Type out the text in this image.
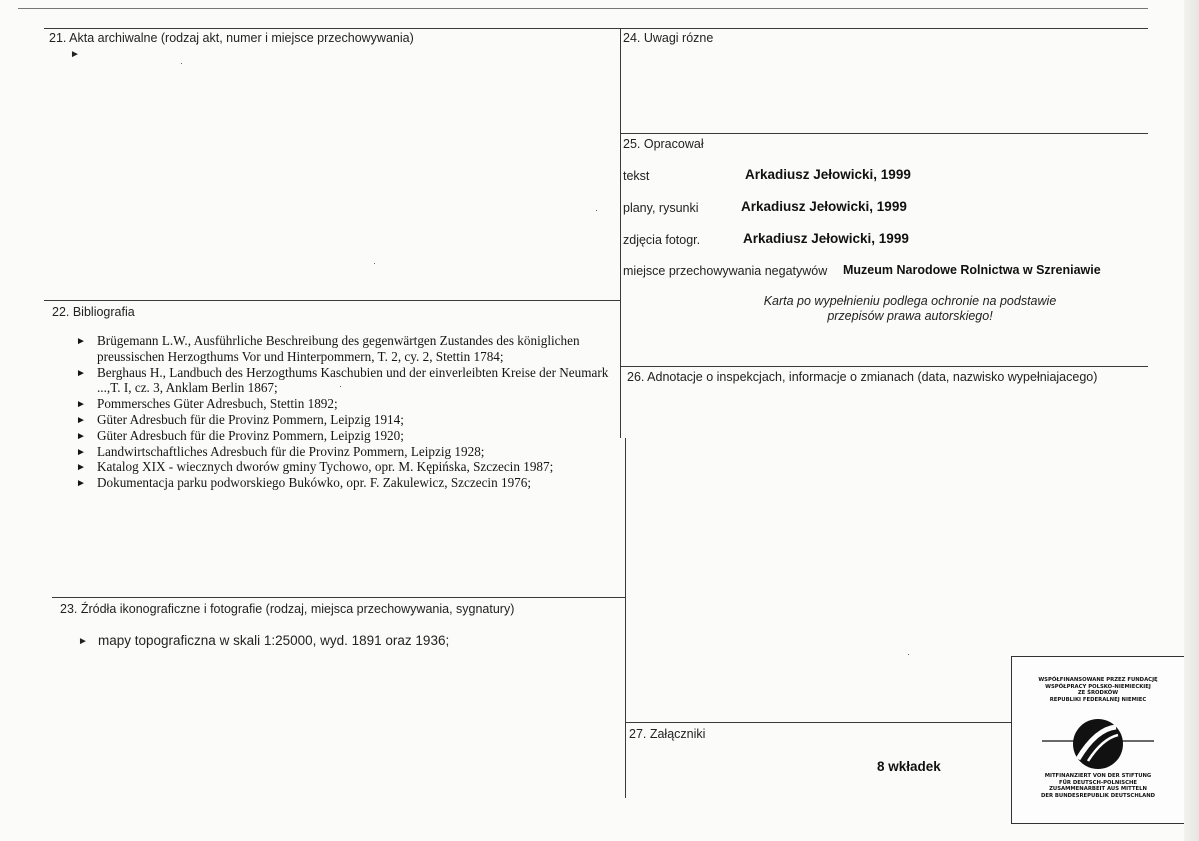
21. Akta archiwalne (rodzaj akt, numer i miejsce przechowywania)
►
22. Bibliografia
► Brügemann L.W., Ausführliche Beschreibung des gegenwärtgen Zustandes des königlichen preussischen Herzogthums Vor und Hinterpommern, T. 2, cy. 2, Stettin 1784;
► Berghaus H., Landbuch des Herzogthums Kaschubien und der einverleibten Kreise der Neumark ...,T. I, cz. 3, Anklam Berlin 1867;
► Pommersches Güter Adresbuch, Stettin 1892;
► Güter Adresbuch für die Provinz Pommern, Leipzig 1914;
► Güter Adresbuch für die Provinz Pommern, Leipzig 1920;
► Landwirtschaftliches Adresbuch für die Provinz Pommern, Leipzig 1928;
► Katalog XIX - wiecznych dworów gminy Tychowo, opr. M. Kępińska, Szczecin 1987;
► Dokumentacja parku podworskiego Bukówko, opr. F. Zakulewicz, Szczecin 1976;
23. Źródła ikonograficzne i fotografie (rodzaj, miejsca przechowywania, sygnatury)
► mapy topograficzna w skali 1:25000, wyd. 1891 oraz 1936;
24. Uwagi rózne
25. Opracował
tekst	Arkadiusz Jełowicki, 1999
plany, rysunki	Arkadiusz Jełowicki, 1999
zdjęcia fotogr.	Arkadiusz Jełowicki, 1999
miejsce przechowywania negatywów Muzeum Narodowe Rolnictwa w Szreniawie
Karta po wypełnieniu podlega ochronie na podstawie
przepisów prawa autorskiego!
26. Adnotacje o inspekcjach, informacje o zmianach (data, nazwisko wypełniajacego)
27. Załączniki
8 wkładek
WSPÓŁFINANSOWANE PRZEZ FUNDACJĘ
WSPÓŁPRACY POLSKO-NIEMIECKIEJ
ZE ŚRODKÓW
REPUBLIKI FEDERALNEJ NIEMIEC
MITFINANZIERT VON DER STIFTUNG
FÜR DEUTSCH-POLNISCHE
ZUSAMMENARBEIT AUS MITTELN
DER BUNDESREPUBLIK DEUTSCHLAND
